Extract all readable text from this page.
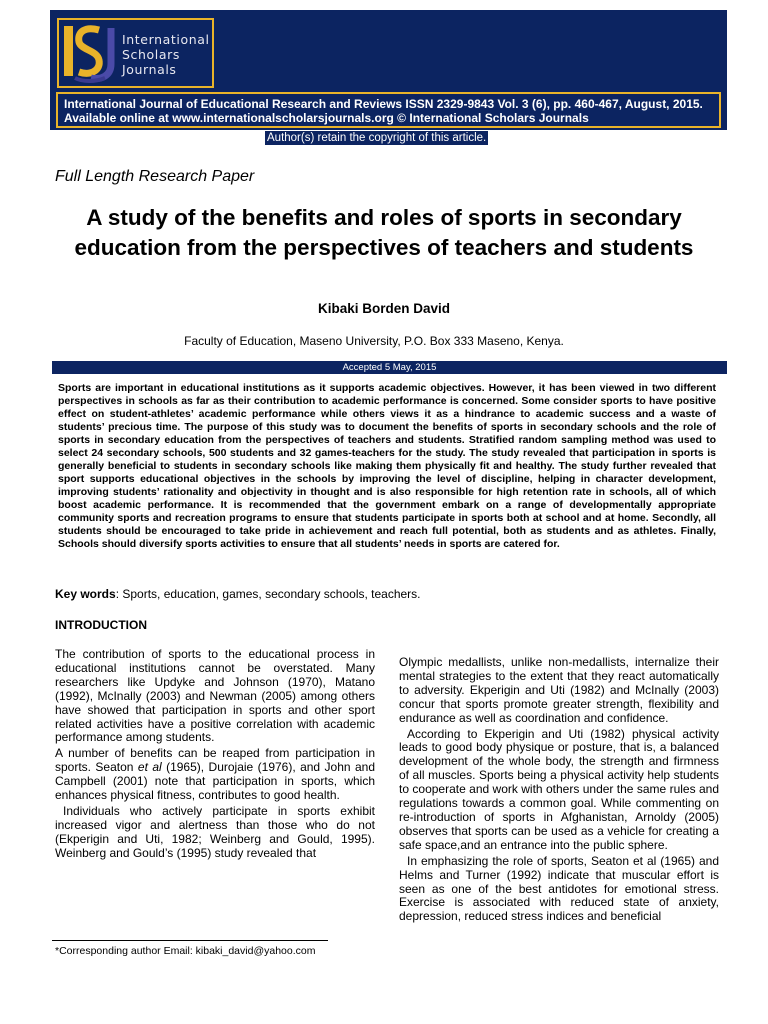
International
Scholars
Journals
International Journal of Educational Research and Reviews ISSN 2329-9843 Vol. 3 (6), pp. 460-467, August, 2015. Available online at www.internationalscholarsjournals.org © International Scholars Journals
Author(s) retain the copyright of this article.
Full Length Research Paper
A study of the benefits and roles of sports in secondary education from the perspectives of teachers and students
Kibaki Borden David
Faculty of Education, Maseno University, P.O. Box 333 Maseno, Kenya.
Accepted 5 May, 2015
Sports are important in educational institutions as it supports academic objectives. However, it has been viewed in two different perspectives in schools as far as their contribution to academic performance is concerned. Some consider sports to have positive effect on student-athletes’ academic performance while others views it as a hindrance to academic success and a waste of students’ precious time. The purpose of this study was to document the benefits of sports in secondary schools and the role of sports in secondary education from the perspectives of teachers and students. Stratified random sampling method was used to select 24 secondary schools, 500 students and 32 games-teachers for the study. The study revealed that participation in sports is generally beneficial to students in secondary schools like making them physically fit and healthy. The study further revealed that sport supports educational objectives in the schools by improving the level of discipline, helping in character development, improving students’ rationality and objectivity in thought and is also responsible for high retention rate in schools, all of which boost academic performance. It is recommended that the government embark on a range of developmentally appropriate community sports and recreation programs to ensure that students participate in sports both at school and at home. Secondly, all students should be encouraged to take pride in achievement and reach full potential, both as students and as athletes. Finally, Schools should diversify sports activities to ensure that all students’ needs in sports are catered for.
Key words: Sports, education, games, secondary schools, teachers.
INTRODUCTION

The contribution of sports to the educational process in educational institutions cannot be overstated. Many researchers like Updyke and Johnson (1970), Matano (1992), McInally (2003) and Newman (2005) among others have showed that participation in sports and other sport related activities have a positive correlation with academic performance among students.

A number of benefits can be reaped from participation in sports. Seaton et al (1965), Durojaie (1976), and John and Campbell (2001) note that participation in sports, which enhances physical fitness, contributes to good health.

Individuals who actively participate in sports exhibit increased vigor and alertness than those who do not (Ekperigin and Uti, 1982; Weinberg and Gould, 1995). Weinberg and Gould’s (1995) study revealed that

Olympic medallists, unlike non-medallists, internalize their mental strategies to the extent that they react automatically to adversity. Ekperigin and Uti (1982) and McInally (2003) concur that sports promote greater strength, flexibility and endurance as well as coordination and confidence.

According to Ekperigin and Uti (1982) physical activity leads to good body physique or posture, that is, a balanced development of the whole body, the strength and firmness of all muscles. Sports being a physical activity help students to cooperate and work with others under the same rules and regulations towards a common goal. While commenting on re-introduction of sports in Afghanistan, Arnoldy (2005) observes that sports can be used as a vehicle for creating a safe space,and an entrance into the public sphere.

In emphasizing the role of sports, Seaton et al (1965) and Helms and Turner (1992) indicate that muscular effort is seen as one of the best antidotes for emotional stress. Exercise is associated with reduced state of anxiety, depression, reduced stress indices and beneficial

*Corresponding author Email: kibaki_david@yahoo.com
